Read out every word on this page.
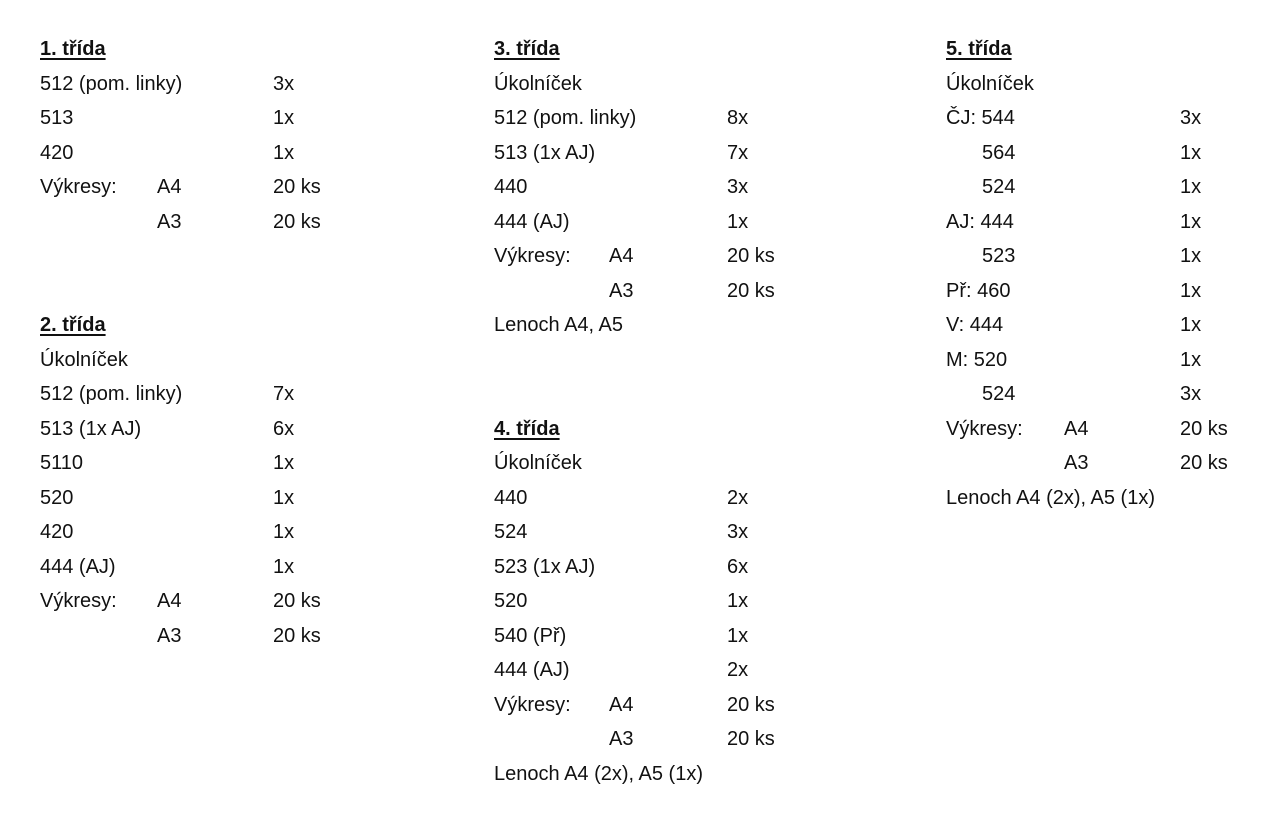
1. třída
512 (pom. linky)	3x
513	1x
420	1x
Výkresy: A4	20 ks
A3	20 ks
2. třída
Úkolníček
512 (pom. linky)	7x
513 (1x AJ)	6x
5110	1x
520	1x
420	1x
444 (AJ)	1x
Výkresy: A4	20 ks
A3	20 ks
3. třída
Úkolníček
512 (pom. linky)	8x
513 (1x AJ)	7x
440	3x
444 (AJ)	1x
Výkresy: A4	20 ks
A3	20 ks
Lenoch A4, A5
4. třída
Úkolníček
440	2x
524	3x
523 (1x AJ)	6x
520	1x
540 (Př)	1x
444 (AJ)	2x
Výkresy: A4	20 ks
A3	20 ks
Lenoch A4 (2x), A5 (1x)
5. třída
Úkolníček
ČJ: 544	3x
564	1x
524	1x
AJ: 444	1x
523	1x
Př: 460	1x
V: 444	1x
M: 520	1x
524	3x
Výkresy: A4	20 ks
A3	20 ks
Lenoch A4 (2x), A5 (1x)
